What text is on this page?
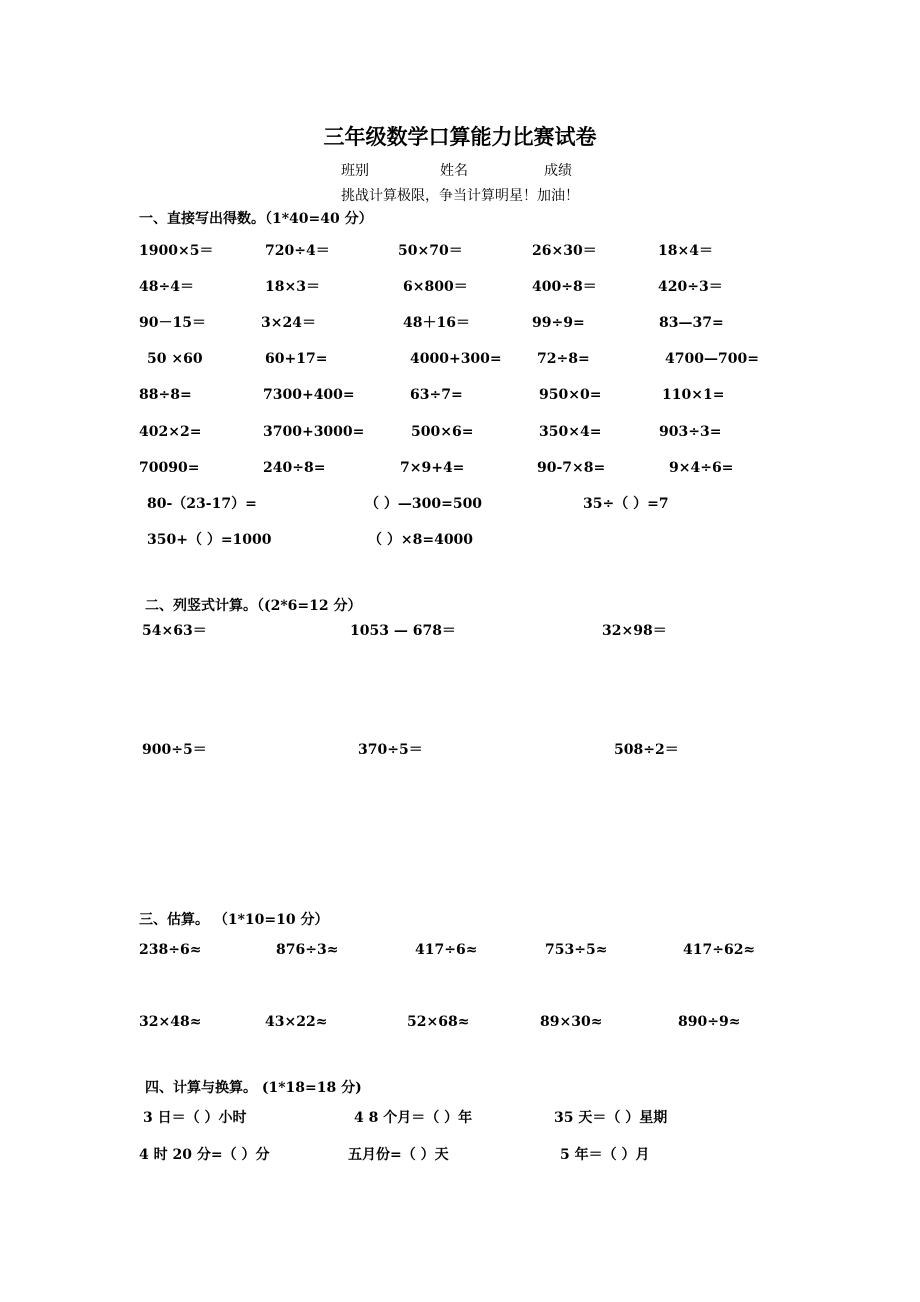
三年级数学口算能力比赛试卷
班别	姓名	成绩
挑战计算极限，争当计算明星！加油！
一、直接写出得数。（1*40=40 分）
1900×5＝	720÷4＝	50×70＝	26×30＝	18×4＝
48÷4＝	18×3＝	6×800＝	400÷8＝	420÷3＝
90－15＝	3×24＝	48＋16＝	99÷9=	83—37=
50 ×60	60+17=	4000+300=	72÷8=	4700—700=
88÷8=	7300+400=	63÷7=	950×0=	110×1=
402×2=	3700+3000=	500×6=	350×4=	903÷3=
70090=	240÷8=	7×9+4=	90-7×8=	9×4÷6=
80-（23-17）=	（ ）—300=500	35÷（ ）=7
350+（ ）=1000	（ ）×8=4000
二、列竖式计算。（(2*6=12 分）
54×63＝	1053 — 678＝	32×98＝
900÷5＝	370÷5＝	508÷2＝
三、估算。 （1*10=10 分）
238÷6≈	876÷3≈	417÷6≈	753÷5≈	417÷62≈
32×48≈	43×22≈	52×68≈	89×30≈	890÷9≈
四、计算与换算。 (1*18=18 分)
3 日＝（ ）小时	4 8 个月＝（ ）年	35 天＝（ ）星期
4 时 20 分=（ ）分	五月份=（ ）天	5 年＝（ ）月
